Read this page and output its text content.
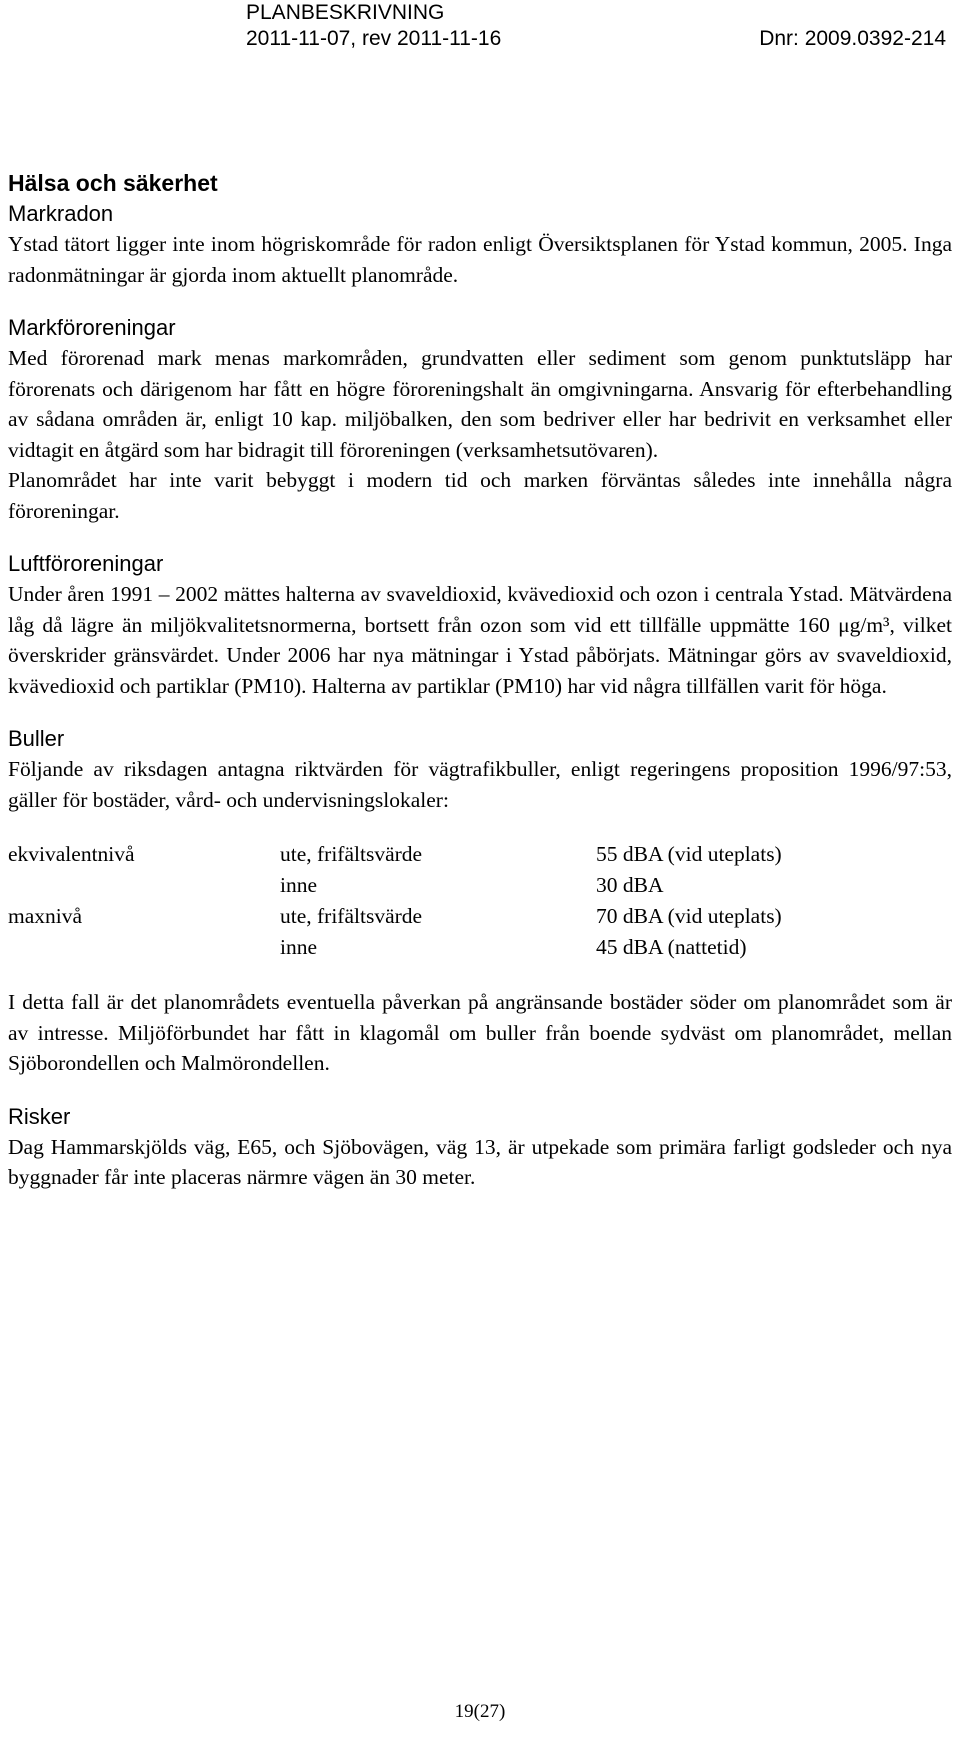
PLANBESKRIVNING
2011-11-07, rev 2011-11-16	Dnr: 2009.0392-214
Hälsa och säkerhet
Markradon

Ystad tätort ligger inte inom högriskområde för radon enligt Översiktsplanen för Ystad kommun, 2005. Inga radonmätningar är gjorda inom aktuellt planområde.

Markföroreningar

Med förorenad mark menas markområden, grundvatten eller sediment som genom punktutsläpp har förorenats och därigenom har fått en högre föroreningshalt än omgivningarna. Ansvarig för efterbehandling av sådana områden är, enligt 10 kap. miljöbalken, den som bedriver eller har bedrivit en verksamhet eller vidtagit en åtgärd som har bidragit till föroreningen (verksamhetsutövaren).

Planområdet har inte varit bebyggt i modern tid och marken förväntas således inte innehålla några föroreningar.

Luftföroreningar

Under åren 1991 – 2002 mättes halterna av svaveldioxid, kvävedioxid och ozon i centrala Ystad. Mätvärdena låg då lägre än miljökvalitetsnormerna, bortsett från ozon som vid ett tillfälle uppmätte 160 μg/m³, vilket överskrider gränsvärdet. Under 2006 har nya mätningar i Ystad påbörjats. Mätningar görs av svaveldioxid, kvävedioxid och partiklar (PM10). Halterna av partiklar (PM10) har vid några tillfällen varit för höga.

Buller

Följande av riksdagen antagna riktvärden för vägtrafikbuller, enligt regeringens proposition 1996/97:53, gäller för bostäder, vård- och undervisningslokaler:

ekvivalentnivå	ute, frifältsvärde	55 dBA (vid uteplats)
	inne	30 dBA
maxnivå	ute, frifältsvärde	70 dBA (vid uteplats)
	inne	45 dBA (nattetid)

I detta fall är det planområdets eventuella påverkan på angränsande bostäder söder om planområdet som är av intresse. Miljöförbundet har fått in klagomål om buller från boende sydväst om planområdet, mellan Sjöborondellen och Malmörondellen.

Risker

Dag Hammarskjölds väg, E65, och Sjöbovägen, väg 13, är utpekade som primära farligt godsleder och nya byggnader får inte placeras närmre vägen än 30 meter.

19(27)
